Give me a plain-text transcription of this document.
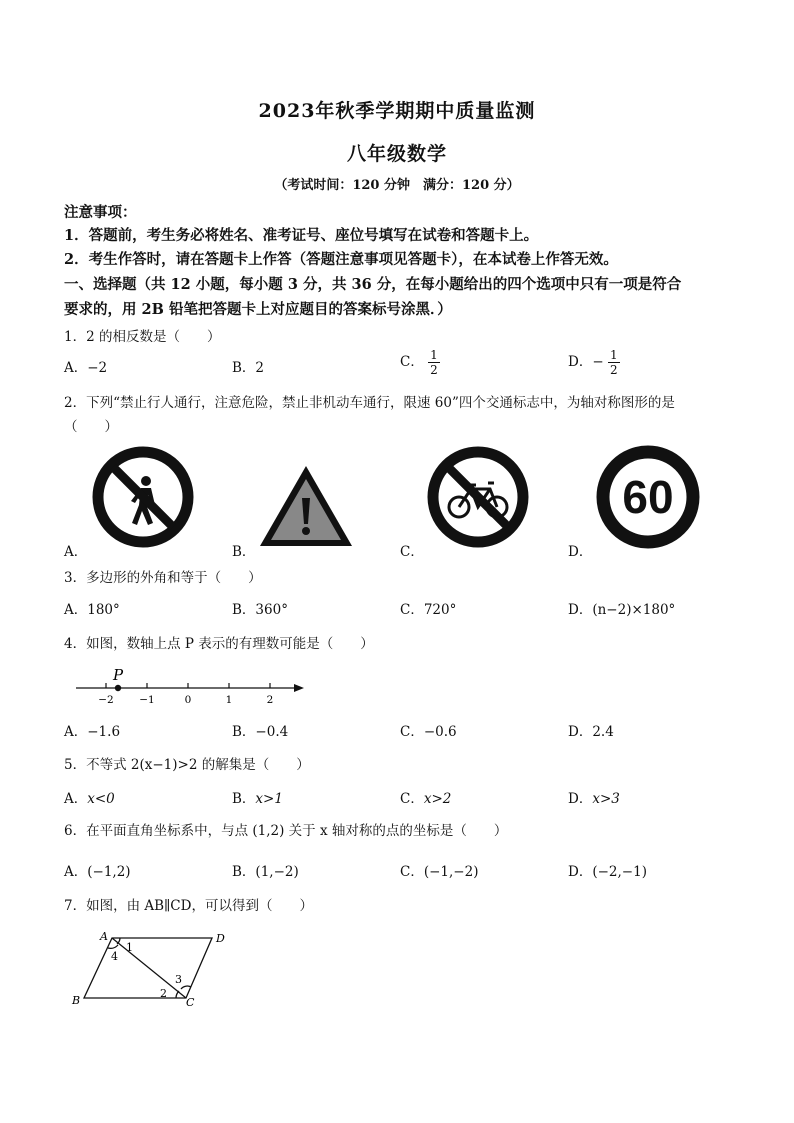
2023年秋季学期期中质量监测
八年级数学
（考试时间：120 分钟　满分：120 分）
注意事项：
1．答题前，考生务必将姓名、准考证号、座位号填写在试卷和答题卡上。
2．考生作答时，请在答题卡上作答（答题注意事项见答题卡），在本试卷上作答无效。
一、选择题（共 12 小题，每小题 3 分，共 36 分，在每小题给出的四个选项中只有一项是符合
要求的，用 2B 铅笔把答题卡上对应题目的答案标号涂黑．）
1．2 的相反数是（　　）
A．−2	B．2	C． $\frac{1}{2}$	D．− $\frac{1}{2}$
2．下列“禁止行人通行，注意危险，禁止非机动车通行，限速 60”四个交通标志中，为轴对称图形的是
（　　）
A．	B．	C．
60
D．
3．多边形的外角和等于（　　）
A．180°	B．360°	C．720°	D．(n−2)×180°
4．如图，数轴上点 P 表示的有理数可能是（　　）
P
−2 −1	0	1	2
A．−1.6	B．−0.4	C．−0.6	D．2.4
5．不等式 2(x−1)>2 的解集是（　　）
A．x<0	B．x>1	C．x>2	D．x>3
6．在平面直角坐标系中，与点 (1,2) 关于 x 轴对称的点的坐标是（　　）
A．(−1,2)	B．(1,−2)	C．(−1,−2)	D．(−2,−1)
7．如图，由 AB∥CD，可以得到（　　）
A	D
B	C
1
4
2
3
